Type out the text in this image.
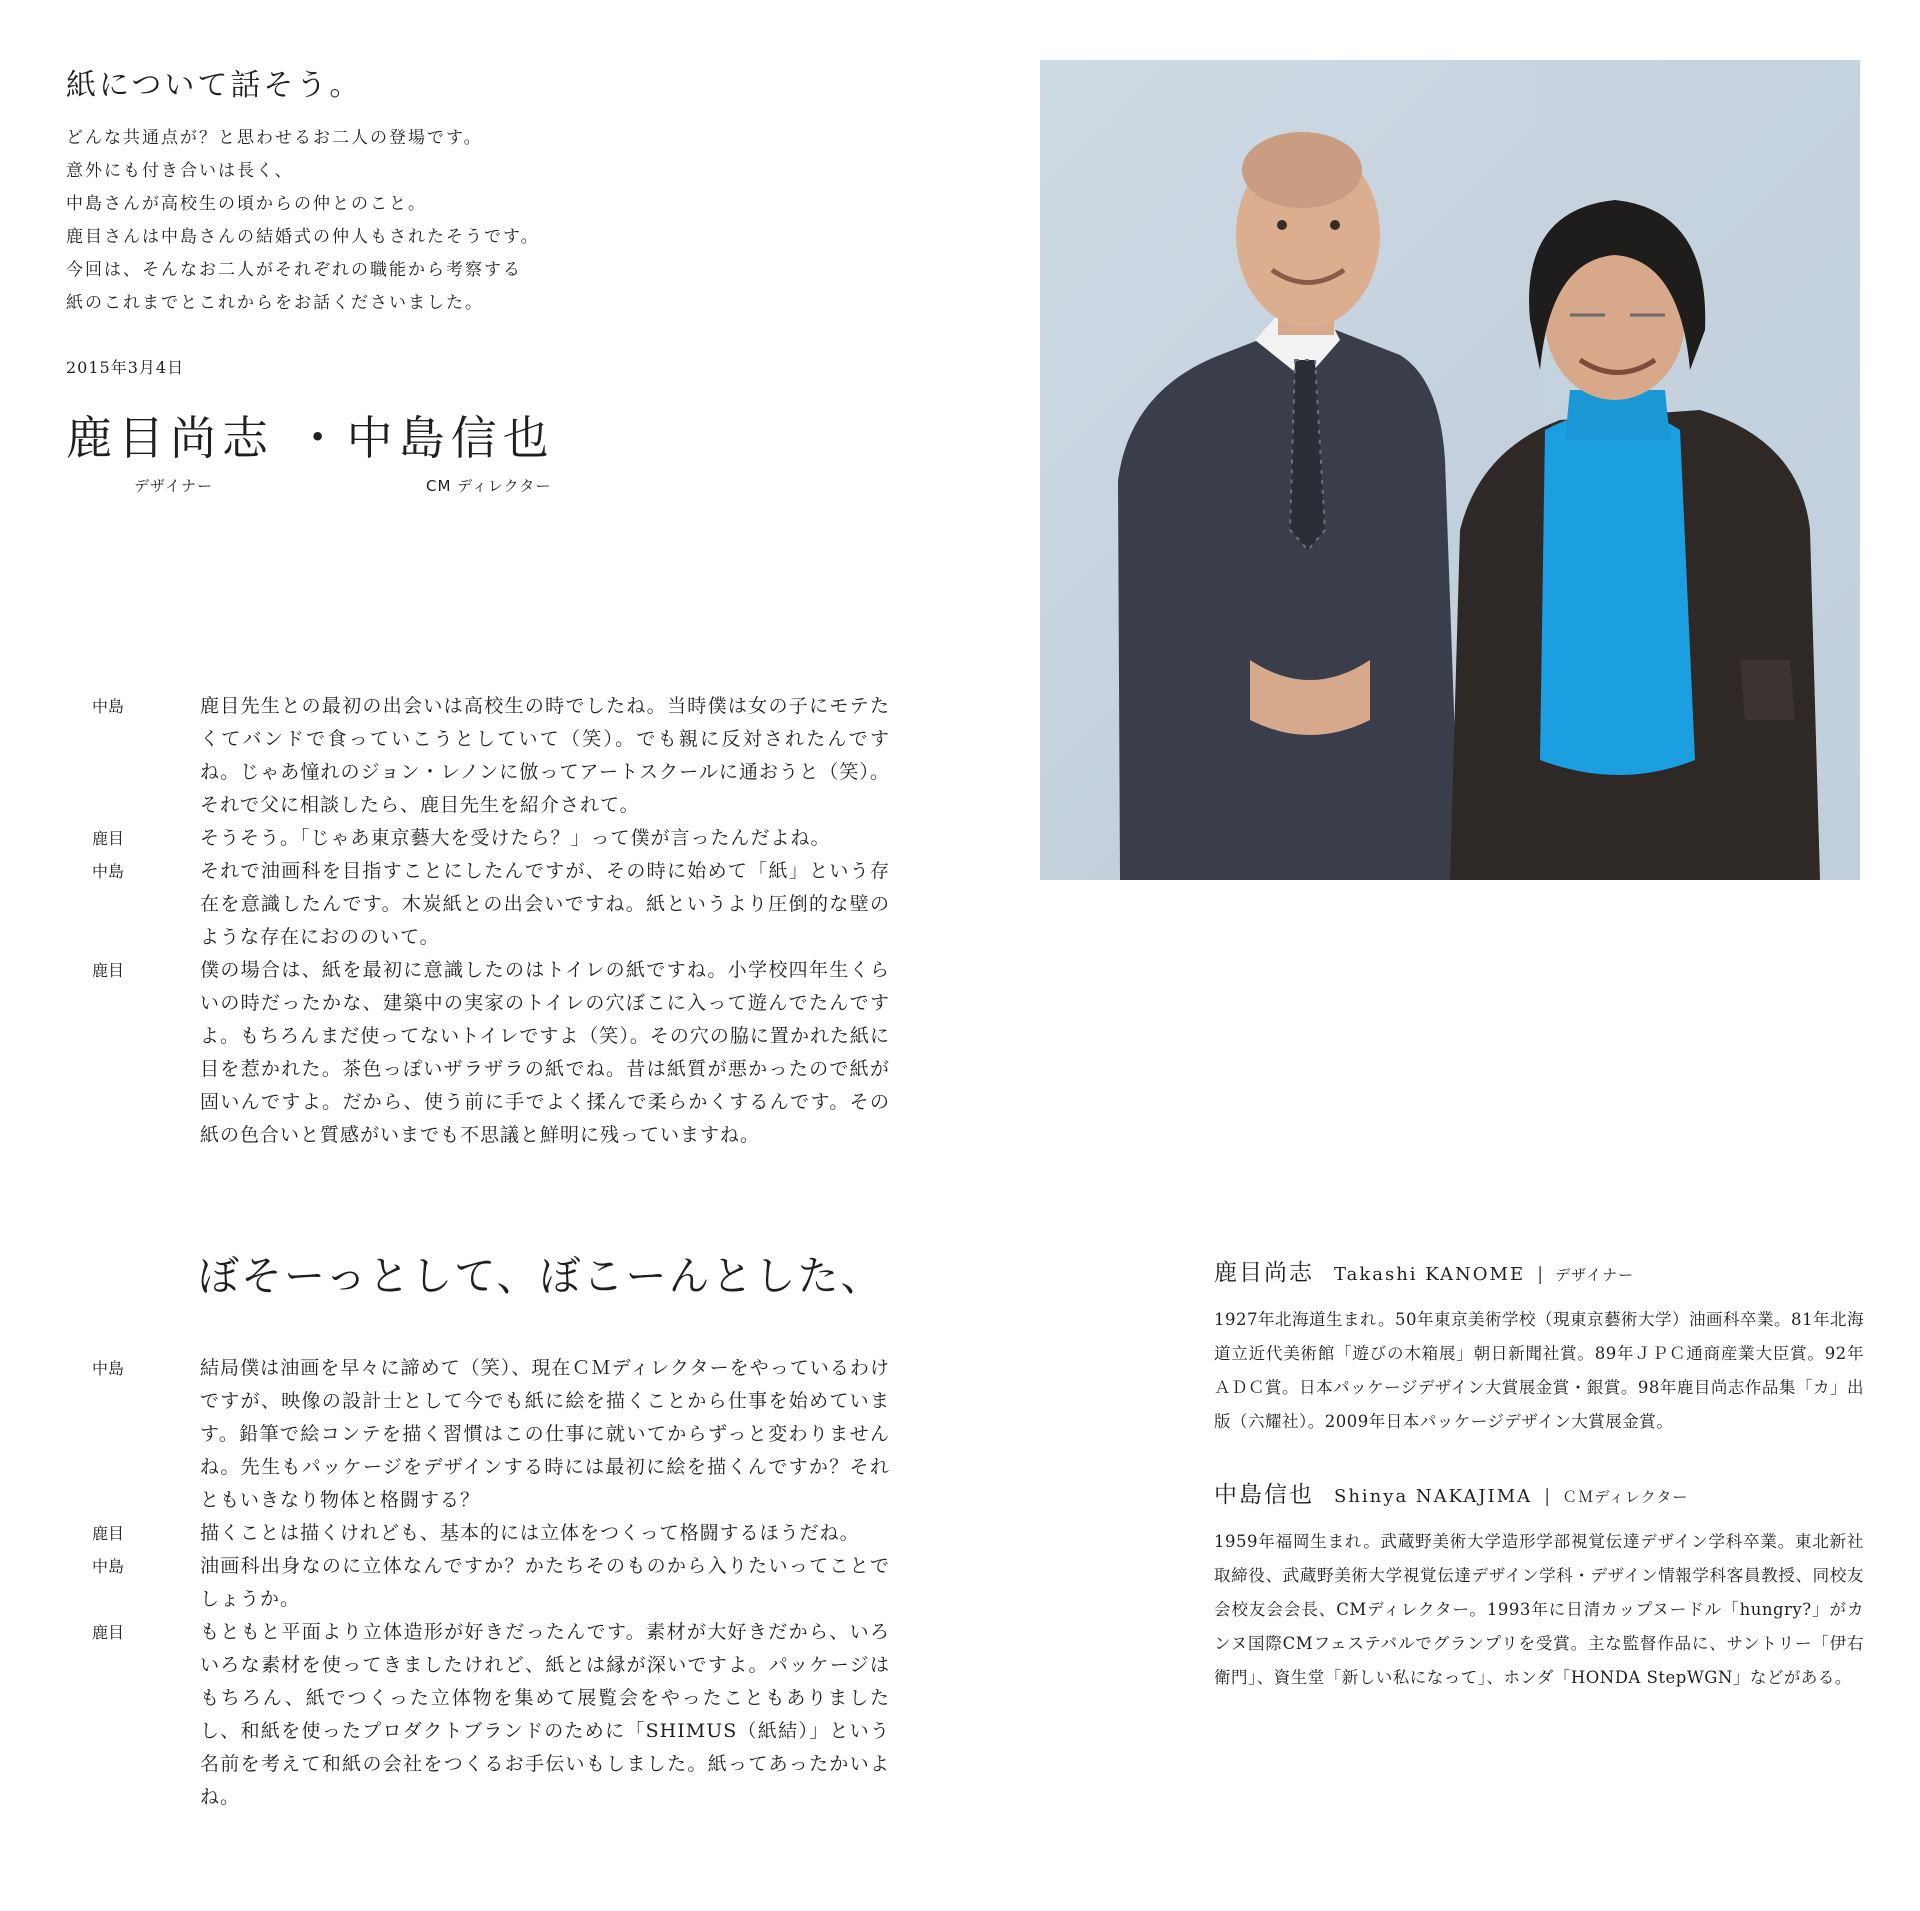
紙について話そう。
どんな共通点が？と思わせるお二人の登場です。
意外にも付き合いは長く、
中島さんが高校生の頃からの仲とのこと。
鹿目さんは中島さんの結婚式の仲人もされたそうです。
今回は、そんなお二人がそれぞれの職能から考察する
紙のこれまでとこれからをお話くださいました。
2015年3月4日
鹿目尚志 ・中島信也
デザイナー	CM ディレクター
中島	鹿目先生との最初の出会いは高校生の時でしたね。当時僕は女の子にモテたくてバンドで食っていこうとしていて（笑）。でも親に反対されたんですね。じゃあ憧れのジョン・レノンに倣ってアートスクールに通おうと（笑）。それで父に相談したら、鹿目先生を紹介されて。
鹿目	そうそう。「じゃあ東京藝大を受けたら？」って僕が言ったんだよね。
中島	それで油画科を目指すことにしたんですが、その時に始めて「紙」という存在を意識したんです。木炭紙との出会いですね。紙というより圧倒的な壁のような存在におののいて。
鹿目	僕の場合は、紙を最初に意識したのはトイレの紙ですね。小学校四年生くらいの時だったかな、建築中の実家のトイレの穴ぼこに入って遊んでたんですよ。もちろんまだ使ってないトイレですよ（笑）。その穴の脇に置かれた紙に目を惹かれた。茶色っぽいザラザラの紙でね。昔は紙質が悪かったので紙が固いんですよ。だから、使う前に手でよく揉んで柔らかくするんです。その紙の色合いと質感がいまでも不思議と鮮明に残っていますね。
ぼそーっとして、ぼこーんとした、
中島	結局僕は油画を早々に諦めて（笑）、現在ＣＭディレクターをやっているわけですが、映像の設計士として今でも紙に絵を描くことから仕事を始めています。鉛筆で絵コンテを描く習慣はこの仕事に就いてからずっと変わりませんね。先生もパッケージをデザインする時には最初に絵を描くんですか？それともいきなり物体と格闘する？
鹿目	描くことは描くけれども、基本的には立体をつくって格闘するほうだね。
中島	油画科出身なのに立体なんですか？かたちそのものから入りたいってことでしょうか。
鹿目	もともと平面より立体造形が好きだったんです。素材が大好きだから、いろいろな素材を使ってきましたけれど、紙とは縁が深いですよ。パッケージはもちろん、紙でつくった立体物を集めて展覧会をやったこともありましたし、和紙を使ったプロダクトブランドのために「SHIMUS（紙結）」という名前を考えて和紙の会社をつくるお手伝いもしました。紙ってあったかいよね。
鹿目尚志 Takashi KANOME | デザイナー
1927年北海道生まれ。50年東京美術学校（現東京藝術大学）油画科卒業。81年北海道立近代美術館「遊びの木箱展」朝日新聞社賞。89年ＪＰＣ通商産業大臣賞。92年ＡＤＣ賞。日本パッケージデザイン大賞展金賞・銀賞。98年鹿目尚志作品集「カ」出版（六耀社）。2009年日本パッケージデザイン大賞展金賞。
中島信也 Shinya NAKAJIMA | ＣＭディレクター
1959年福岡生まれ。武蔵野美術大学造形学部視覚伝達デザイン学科卒業。東北新社取締役、武蔵野美術大学視覚伝達デザイン学科・デザイン情報学科客員教授、同校友会校友会会長、CMディレクター。1993年に日清カップヌードル「hungry?」がカンヌ国際CMフェステバルでグランプリを受賞。主な監督作品に、サントリー「伊右衛門」、資生堂「新しい私になって」、ホンダ「HONDA StepWGN」などがある。
